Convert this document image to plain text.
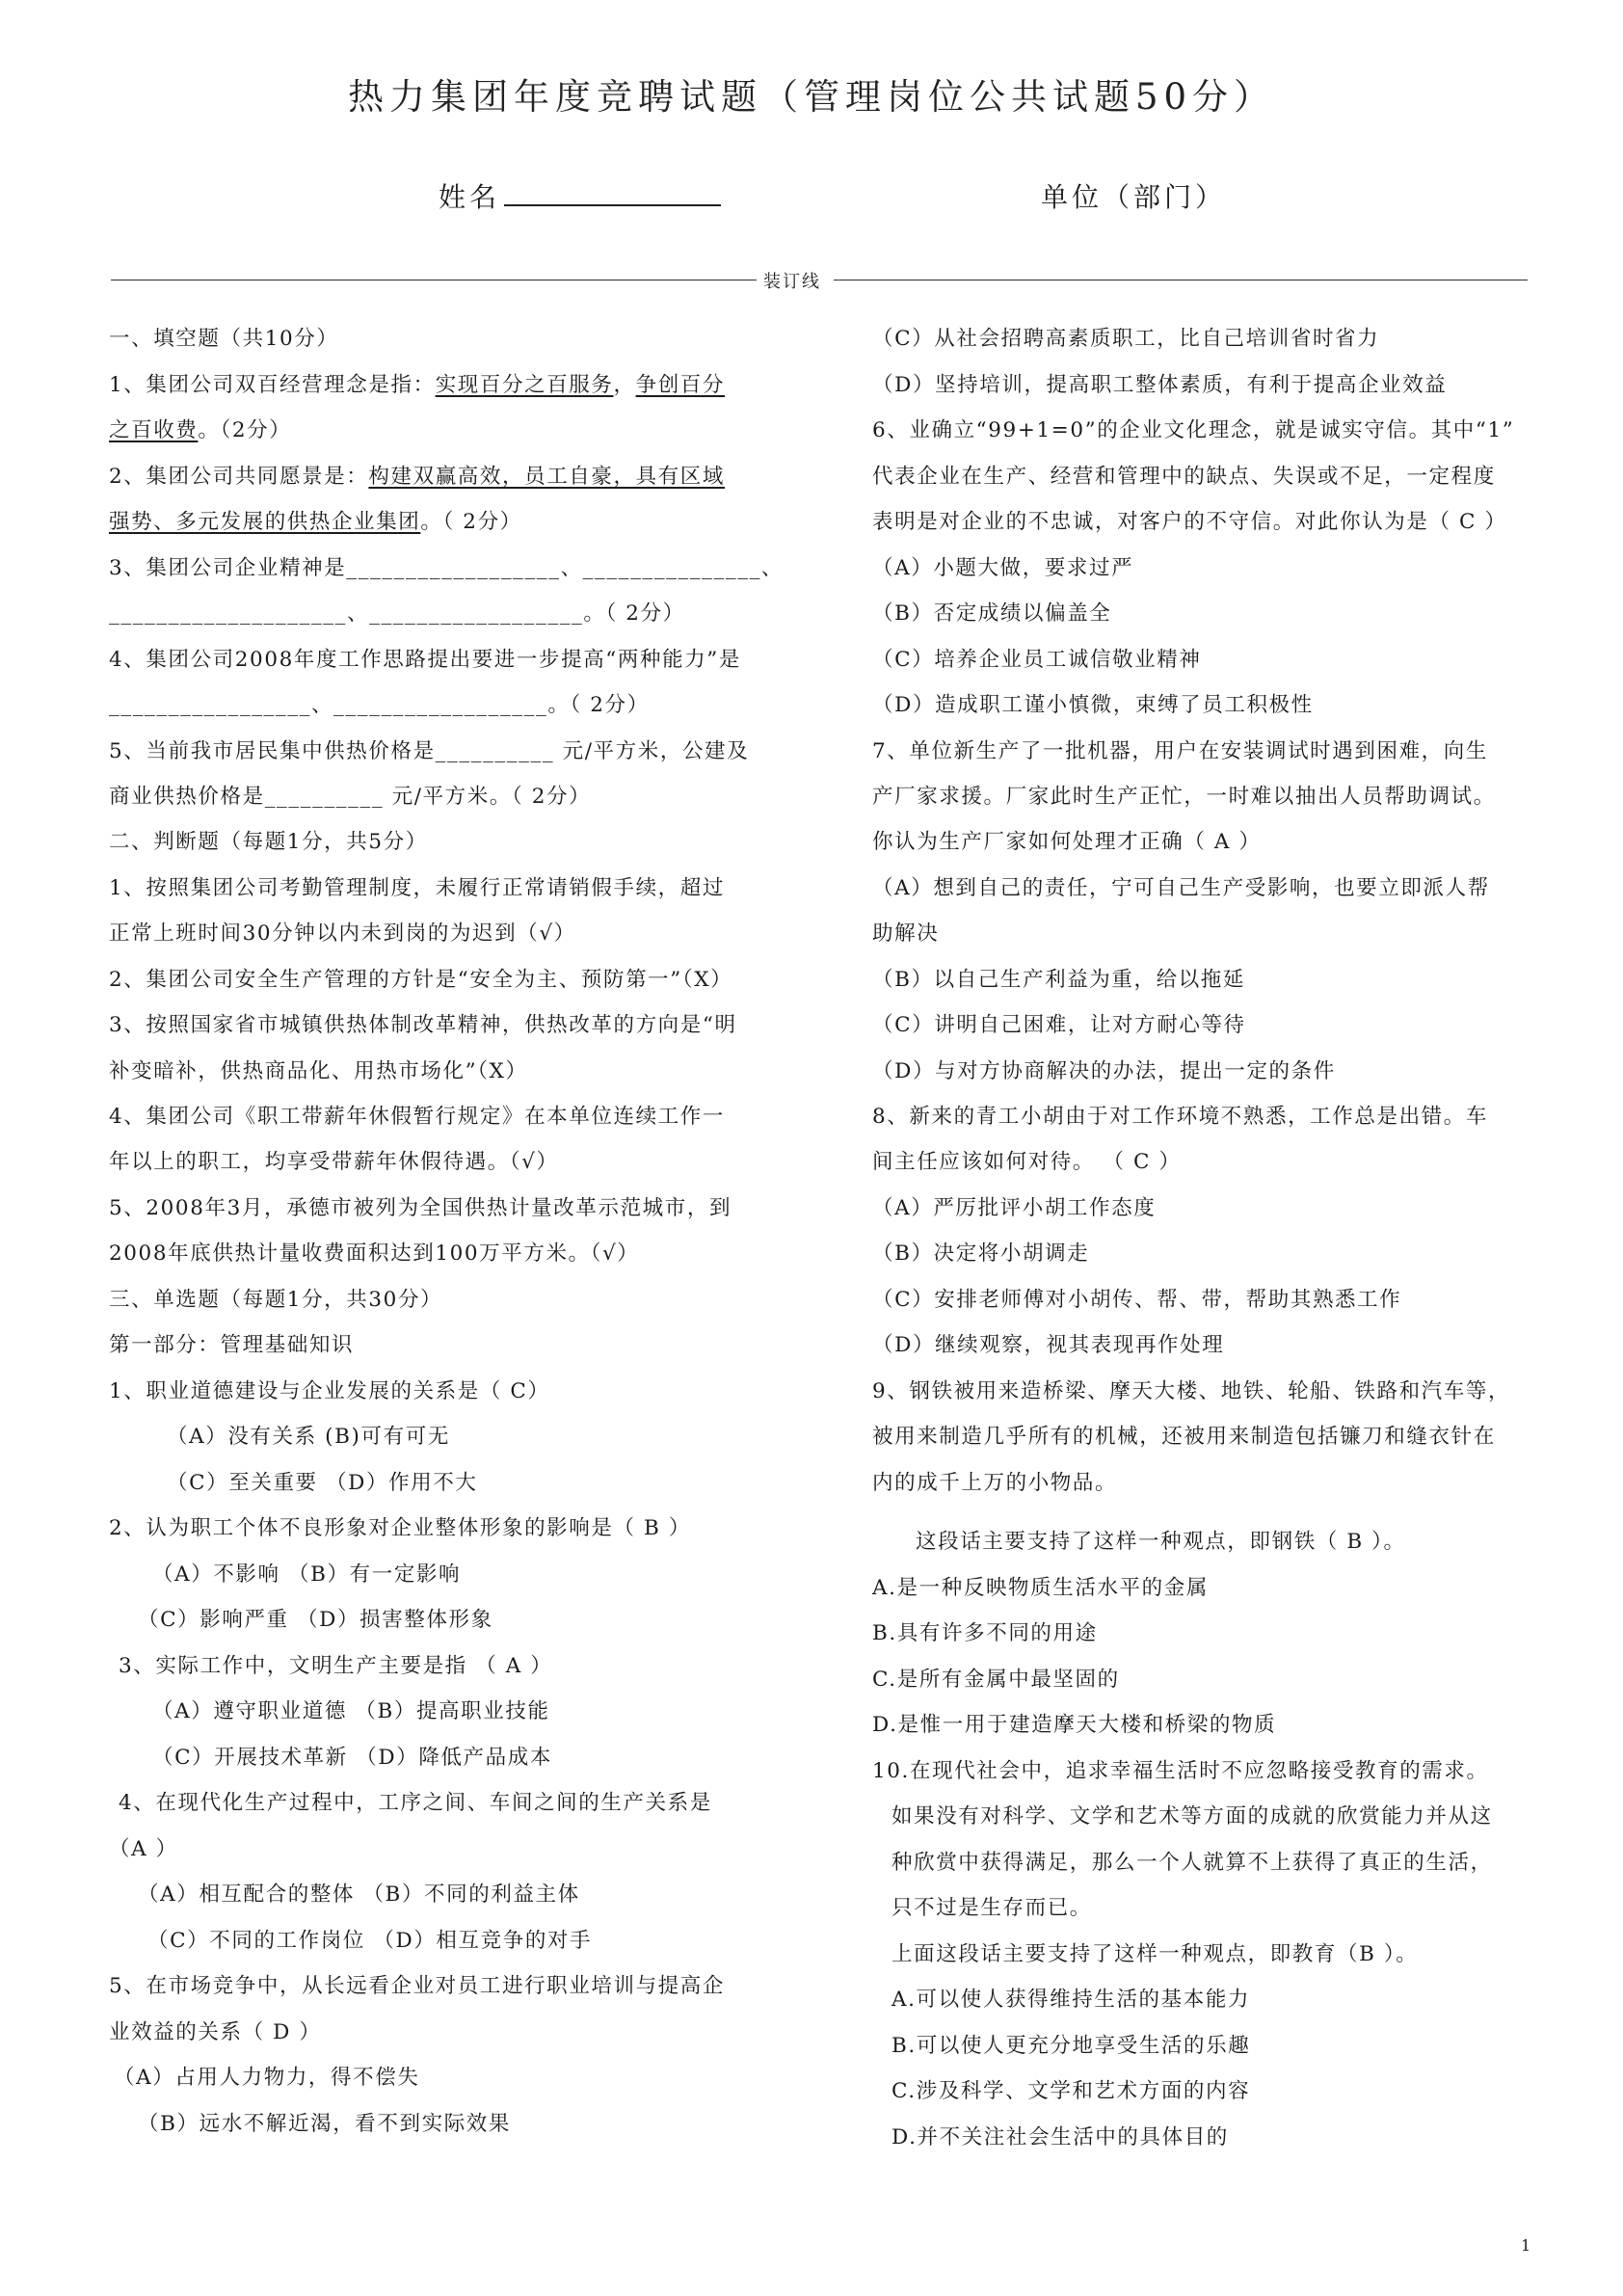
热力集团年度竞聘试题（管理岗位公共试题50分）
姓名	单位（部门）
装订线
一、填空题（共10分）
1、集团公司双百经营理念是指：实现百分之百服务，争创百分
之百收费。（2分）
2、集团公司共同愿景是：构建双赢高效，员工自豪，具有区域
强势、多元发展的供热企业集团。（ 2分）
3、集团公司企业精神是__________________、_______________、
____________________、__________________。（ 2分）
4、集团公司2008年度工作思路提出要进一步提高“两种能力”是
_________________、__________________。（ 2分）
5、当前我市居民集中供热价格是__________ 元/平方米，公建及
商业供热价格是__________ 元/平方米。（ 2分）
二、判断题（每题1分，共5分）
1、按照集团公司考勤管理制度，未履行正常请销假手续，超过
正常上班时间30分钟以内未到岗的为迟到（√）
2、集团公司安全生产管理的方针是“安全为主、预防第一”（X）
3、按照国家省市城镇供热体制改革精神，供热改革的方向是“明
补变暗补，供热商品化、用热市场化”（X）
4、集团公司《职工带薪年休假暂行规定》在本单位连续工作一
年以上的职工，均享受带薪年休假待遇。（√）
5、2008年3月，承德市被列为全国供热计量改革示范城市，到
2008年底供热计量收费面积达到100万平方米。（√）
三、单选题（每题1分，共30分）
第一部分：管理基础知识
1、职业道德建设与企业发展的关系是（ C）
（A）没有关系 (B)可有可无
（C）至关重要 （D）作用不大
2、认为职工个体不良形象对企业整体形象的影响是（ B ）
（A）不影响 （B）有一定影响
（C）影响严重 （D）损害整体形象
3、实际工作中，文明生产主要是指 （ A ）
（A）遵守职业道德 （B）提高职业技能
（C）开展技术革新 （D）降低产品成本
4、在现代化生产过程中，工序之间、车间之间的生产关系是
（A ）
（A）相互配合的整体 （B）不同的利益主体
（C）不同的工作岗位 （D）相互竞争的对手
5、在市场竞争中，从长远看企业对员工进行职业培训与提高企
业效益的关系（ D ）
（A）占用人力物力，得不偿失
（B）远水不解近渴，看不到实际效果
（C）从社会招聘高素质职工，比自己培训省时省力
（D）坚持培训，提高职工整体素质，有利于提高企业效益
6、业确立“99+1=0”的企业文化理念，就是诚实守信。其中“1”
代表企业在生产、经营和管理中的缺点、失误或不足，一定程度
表明是对企业的不忠诚，对客户的不守信。对此你认为是（ C ）
（A）小题大做，要求过严
（B）否定成绩以偏盖全
（C）培养企业员工诚信敬业精神
（D）造成职工谨小慎微，束缚了员工积极性
7、单位新生产了一批机器，用户在安装调试时遇到困难，向生
产厂家求援。厂家此时生产正忙，一时难以抽出人员帮助调试。
你认为生产厂家如何处理才正确（ A ）
（A）想到自己的责任，宁可自己生产受影响，也要立即派人帮
助解决
（B）以自己生产利益为重，给以拖延
（C）讲明自己困难，让对方耐心等待
（D）与对方协商解决的办法，提出一定的条件
8、新来的青工小胡由于对工作环境不熟悉，工作总是出错。车
间主任应该如何对待。 （ C ）
（A）严厉批评小胡工作态度
（B）决定将小胡调走
（C）安排老师傅对小胡传、帮、带，帮助其熟悉工作
（D）继续观察，视其表现再作处理
9、钢铁被用来造桥梁、摩天大楼、地铁、轮船、铁路和汽车等，
被用来制造几乎所有的机械，还被用来制造包括镰刀和缝衣针在
内的成千上万的小物品。
这段话主要支持了这样一种观点，即钢铁（ B ）。
A.是一种反映物质生活水平的金属
B.具有许多不同的用途
C.是所有金属中最坚固的
D.是惟一用于建造摩天大楼和桥梁的物质
10.在现代社会中，追求幸福生活时不应忽略接受教育的需求。
如果没有对科学、文学和艺术等方面的成就的欣赏能力并从这
种欣赏中获得满足，那么一个人就算不上获得了真正的生活，
只不过是生存而已。
上面这段话主要支持了这样一种观点，即教育（B ）。
A.可以使人获得维持生活的基本能力
B.可以使人更充分地享受生活的乐趣
C.涉及科学、文学和艺术方面的内容
D.并不关注社会生活中的具体目的
1
